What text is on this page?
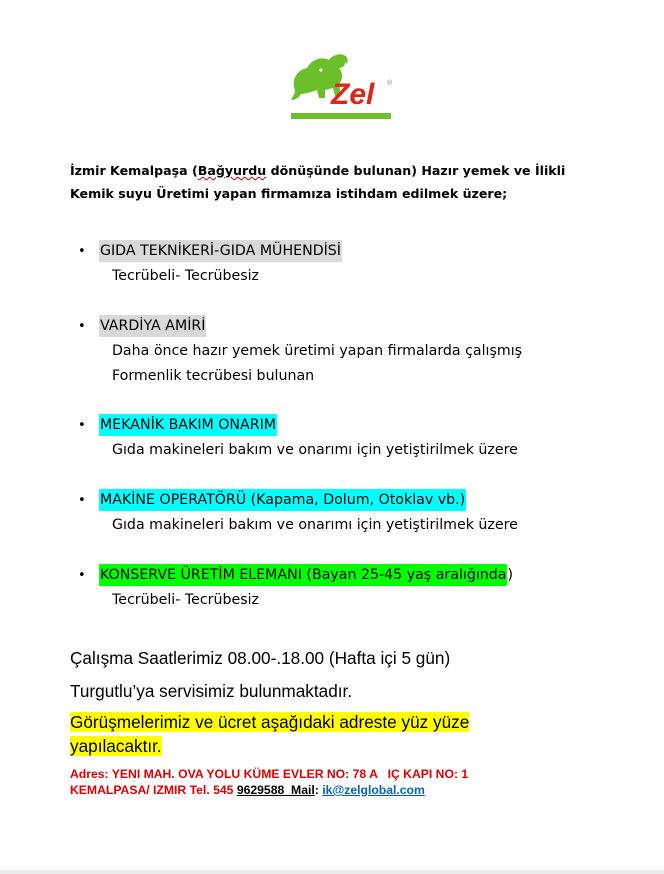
Zel ®
İzmir Kemalpaşa (Bağyurdu dönüşünde bulunan) Hazır yemek ve İlikli Kemik suyu Üretimi yapan firmamıza istihdam edilmek üzere;
•	GIDA TEKNİKERİ-GIDA MÜHENDİSİ
Tecrübeli- Tecrübesiz
•	VARDİYA AMİRİ
Daha önce hazır yemek üretimi yapan firmalarda çalışmış
Formenlik tecrübesi bulunan
•	MEKANİK BAKIM ONARIM
Gıda makineleri bakım ve onarımı için yetiştirilmek üzere
•	MAKİNE OPERATÖRÜ (Kapama, Dolum, Otoklav vb.)
Gıda makineleri bakım ve onarımı için yetiştirilmek üzere
•	KONSERVE ÜRETİM ELEMANI (Bayan 25-45 yaş aralığında )
Tecrübeli- Tecrübesiz
Çalışma Saatlerimiz 08.00-.18.00 (Hafta içi 5 gün)
Turgutlu’ya servisimiz bulunmaktadır.
Görüşmelerimiz ve ücret aşağıdaki adreste yüz yüze
yapılacaktır.
Adres: YENI MAH. OVA YOLU KÜME EVLER NO: 78 A   IÇ KAPI NO: 1
KEMALPASA/ IZMIR Tel. 545 9629588 Mail: ik@zelglobal.com
